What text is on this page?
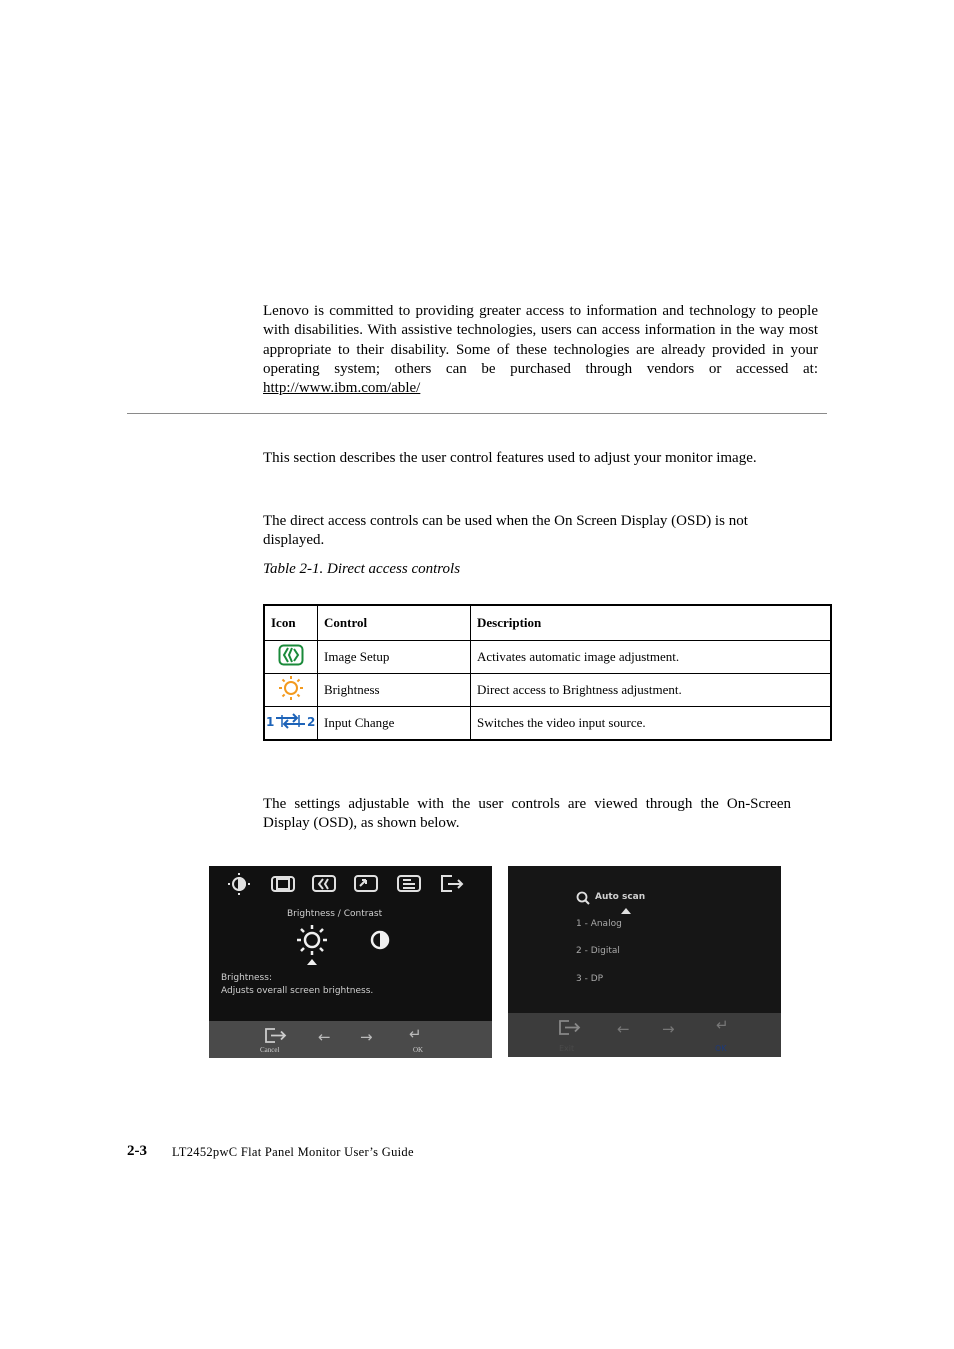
Lenovo is committed to providing greater access to information and technology to people with disabilities. With assistive technologies, users can access information in the way most appropriate to their disability. Some of these technologies are already provided in your operating system; others can be purchased through vendors or accessed at: http://www.ibm.com/able/

This section describes the user control features used to adjust your monitor image.

The direct access controls can be used when the On Screen Display (OSD) is not displayed.

Table 2-1. Direct access controls
Icon	Control	Description
	Image Setup	Activates automatic image adjustment.
	Brightness	Direct access to Brightness adjustment.

1 2	Input Change	Switches the video input source.

The settings adjustable with the user controls are viewed through the On-Screen Display (OSD), as shown below.

Brightness / Contrast
Brightness:
Adjusts overall screen brightness.
← → ↵
Cancel	OK
Auto scan
1 - Analog
2 - Digital
3 - DP
← →	↵
Exit	OK
2-3 LT2452pwC Flat Panel Monitor User’s Guide
